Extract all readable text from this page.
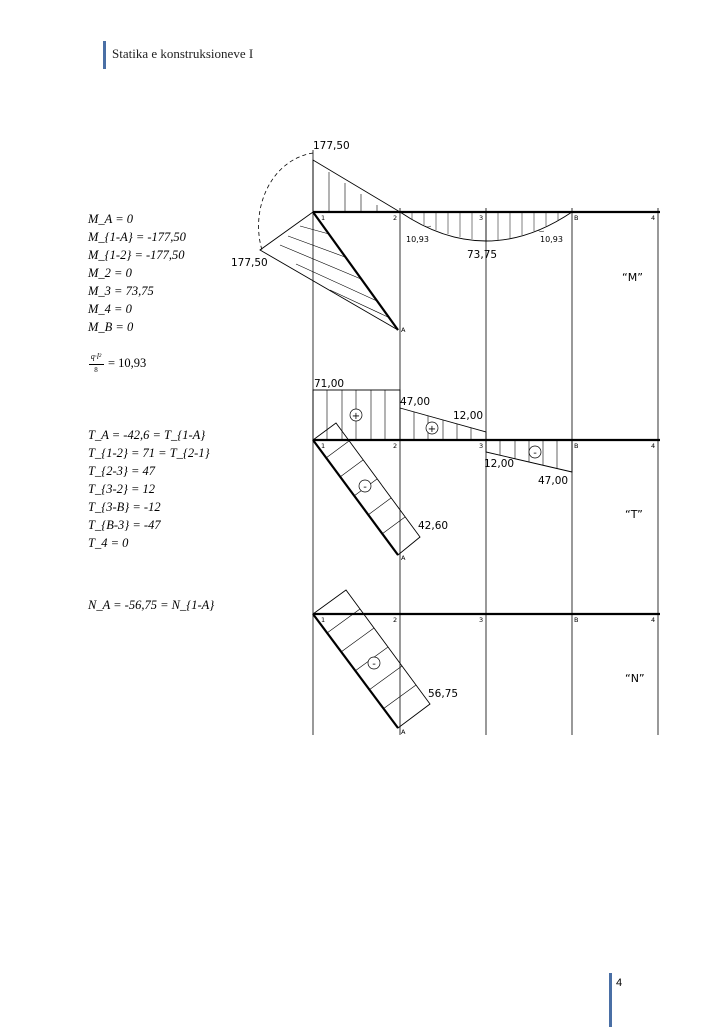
Statika e konstruksioneve I
M_A = 0
M_{1-A} = -177,50
M_{1-2} = -177,50
M_2 = 0
M_3 = 73,75
M_4 = 0
M_B = 0
q·l²
8 = 10,93
T_A = -42,6 = T_{1-A}
T_{1-2} = 71 = T_{2-1}
T_{2-3} = 47
T_{3-2} = 12
T_{3-B} = -12
T_{B-3} = -47
T_4 = 0
N_A = -56,75 = N_{1-A}
177,50
177,50
73,75
10,93	10,93
“M”
1	2	3	B	4
A
+
+
-
-
71,00
47,00
12,00
12,00
47,00
42,60
“T”
1	2	3	B	4
A
-
56,75
“N”
1	2	3	B	4
A
4
